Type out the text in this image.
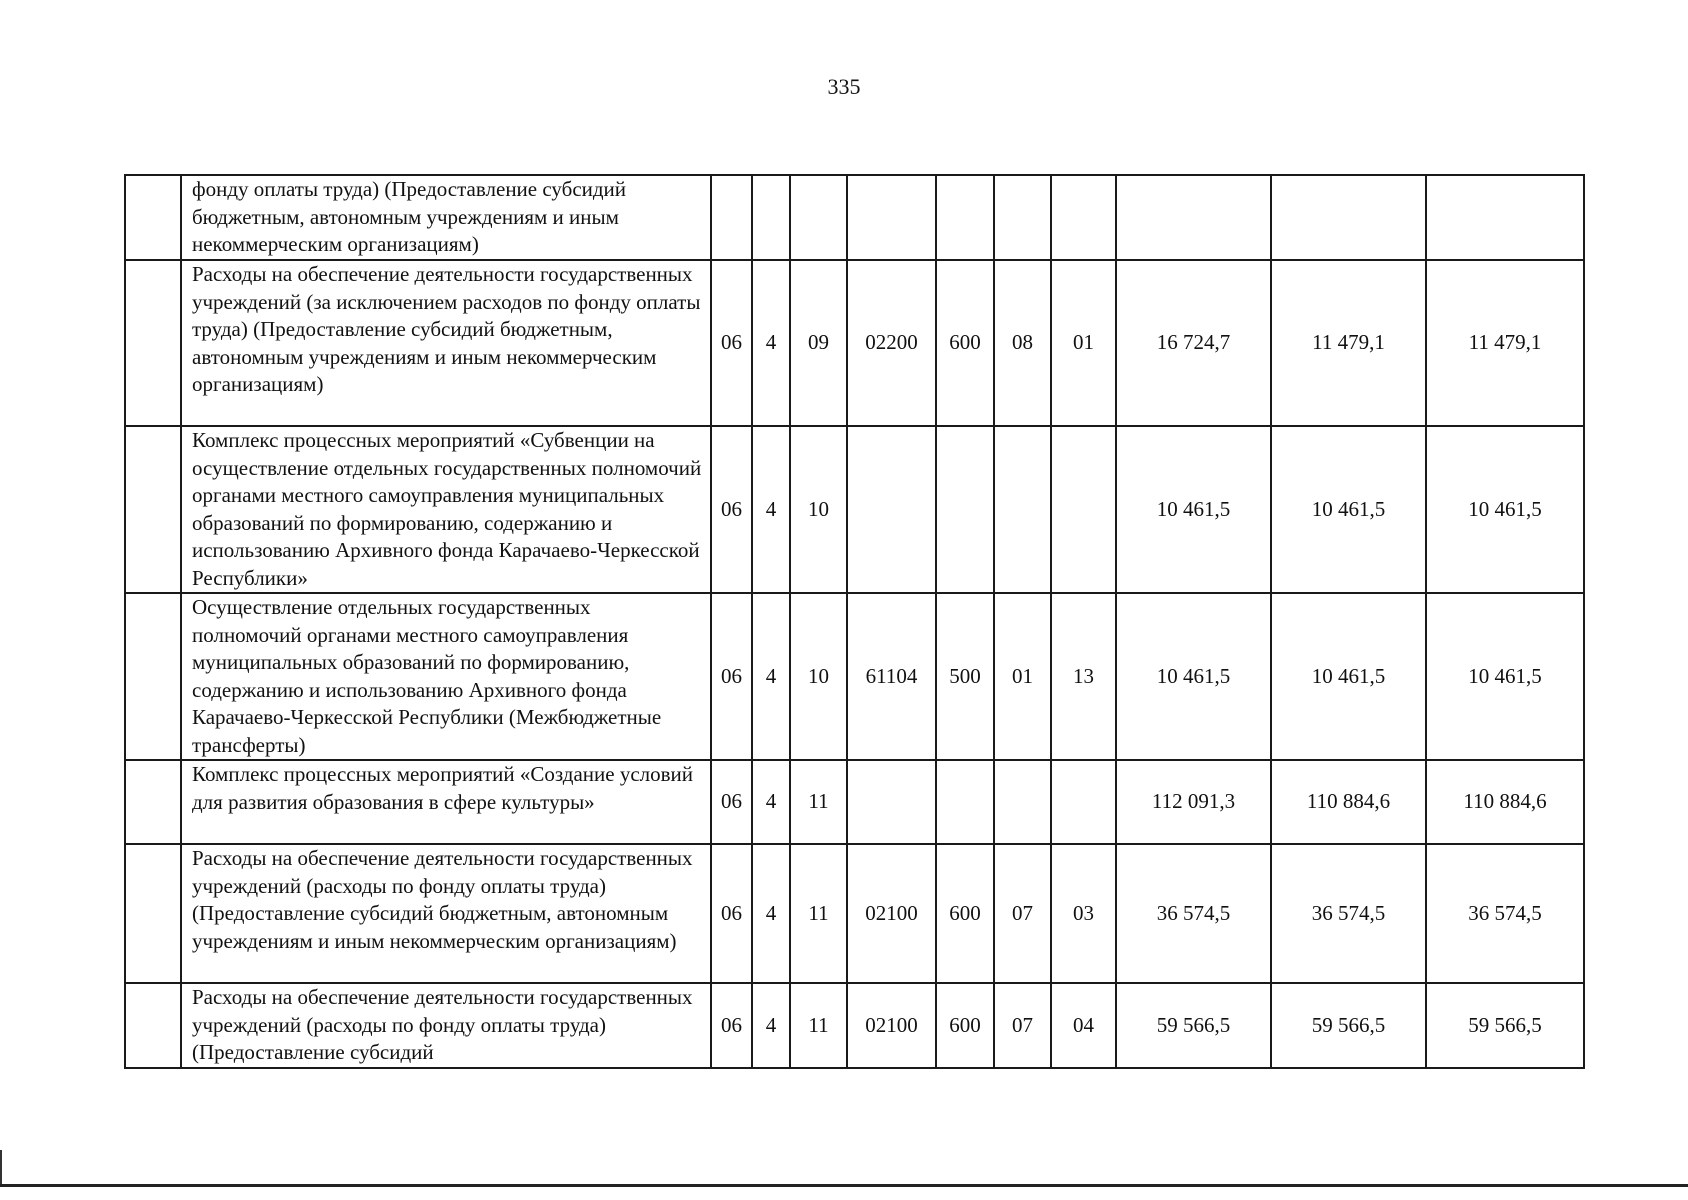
335
	фонду оплаты труда) (Предоставление субсидий бюджетным, автономным учреждениям и иным некоммерческим организациям)										
	Расходы на обеспечение деятельности государственных учреждений (за исключением расходов по фонду оплаты труда) (Предоставление субсидий бюджетным, автономным учреждениям и иным некоммерческим организациям)	06	4	09	02200	600	08	01	16 724,7	11 479,1	11 479,1
	Комплекс процессных мероприятий «Субвенции на осуществление отдельных государственных полномочий органами местного самоуправления муниципальных образований по формированию, содержанию и использованию Архивного фонда Карачаево-Черкесской Республики»	06	4	10					10 461,5	10 461,5	10 461,5
	Осуществление отдельных государственных полномочий органами местного самоуправления муниципальных образований по формированию, содержанию и использованию Архивного фонда Карачаево-Черкесской Республики (Межбюджетные трансферты)	06	4	10	61104	500	01	13	10 461,5	10 461,5	10 461,5
	Комплекс процессных мероприятий «Создание условий для развития образования в сфере культуры»	06	4	11					112 091,3	110 884,6	110 884,6
	Расходы на обеспечение деятельности государственных учреждений (расходы по фонду оплаты труда) (Предоставление субсидий бюджетным, автономным учреждениям и иным некоммерческим организациям)	06	4	11	02100	600	07	03	36 574,5	36 574,5	36 574,5
	Расходы на обеспечение деятельности государственных учреждений (расходы по фонду оплаты труда) (Предоставление субсидий	06	4	11	02100	600	07	04	59 566,5	59 566,5	59 566,5
